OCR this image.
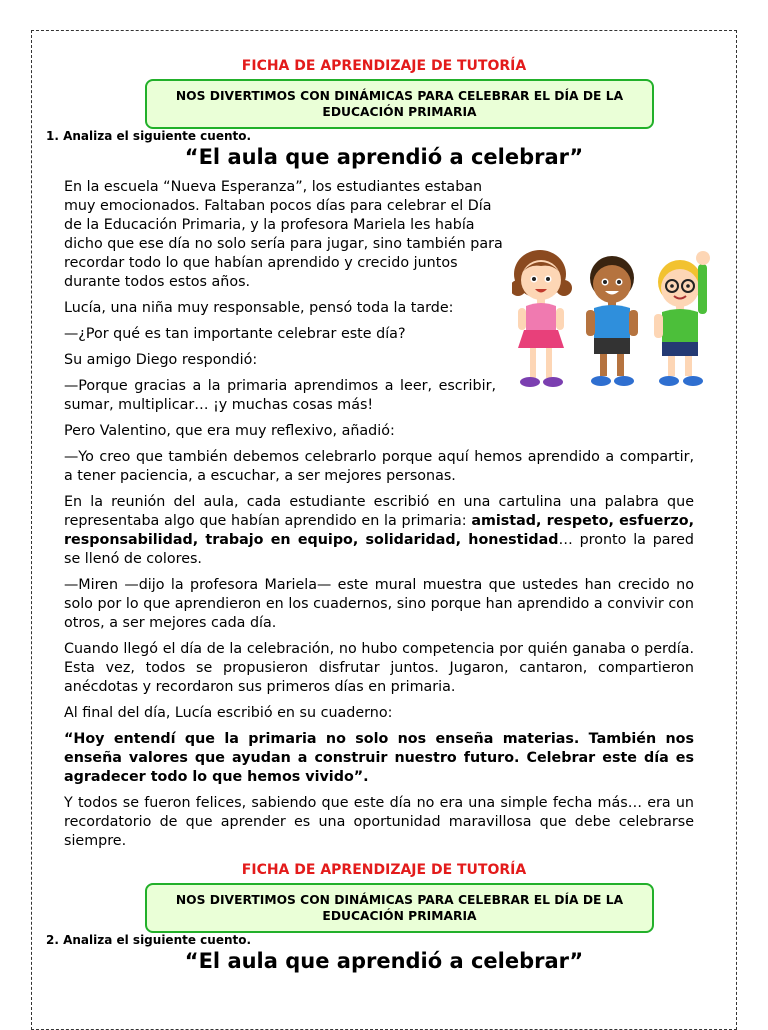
FICHA DE APRENDIZAJE DE TUTORÍA
NOS DIVERTIMOS CON DINÁMICAS PARA CELEBRAR EL DÍA DE LA EDUCACIÓN PRIMARIA
1. Analiza el siguiente cuento.
“El aula que aprendió a celebrar”

En la escuela “Nueva Esperanza”, los estudiantes estaban muy emocionados. Faltaban pocos días para celebrar el Día de la Educación Primaria, y la profesora Mariela les había dicho que ese día no solo sería para jugar, sino también para recordar todo lo que habían aprendido y crecido juntos durante todos estos años.

Lucía, una niña muy responsable, pensó toda la tarde:

—¿Por qué es tan importante celebrar este día?

Su amigo Diego respondió:

—Porque gracias a la primaria aprendimos a leer, escribir, sumar, multiplicar… ¡y muchas cosas más!

Pero Valentino, que era muy reflexivo, añadió:

—Yo creo que también debemos celebrarlo porque aquí hemos aprendido a compartir, a tener paciencia, a escuchar, a ser mejores personas.

En la reunión del aula, cada estudiante escribió en una cartulina una palabra que representaba algo que habían aprendido en la primaria: amistad, respeto, esfuerzo, responsabilidad, trabajo en equipo, solidaridad, honestidad… pronto la pared se llenó de colores.

—Miren —dijo la profesora Mariela— este mural muestra que ustedes han crecido no solo por lo que aprendieron en los cuadernos, sino porque han aprendido a convivir con otros, a ser mejores cada día.

Cuando llegó el día de la celebración, no hubo competencia por quién ganaba o perdía. Esta vez, todos se propusieron disfrutar juntos. Jugaron, cantaron, compartieron anécdotas y recordaron sus primeros días en primaria.

Al final del día, Lucía escribió en su cuaderno:

“Hoy entendí que la primaria no solo nos enseña materias. También nos enseña valores que ayudan a construir nuestro futuro. Celebrar este día es agradecer todo lo que hemos vivido”.

Y todos se fueron felices, sabiendo que este día no era una simple fecha más… era un recordatorio de que aprender es una oportunidad maravillosa que debe celebrarse siempre.

FICHA DE APRENDIZAJE DE TUTORÍA
NOS DIVERTIMOS CON DINÁMICAS PARA CELEBRAR EL DÍA DE LA EDUCACIÓN PRIMARIA
2. Analiza el siguiente cuento.
“El aula que aprendió a celebrar”
